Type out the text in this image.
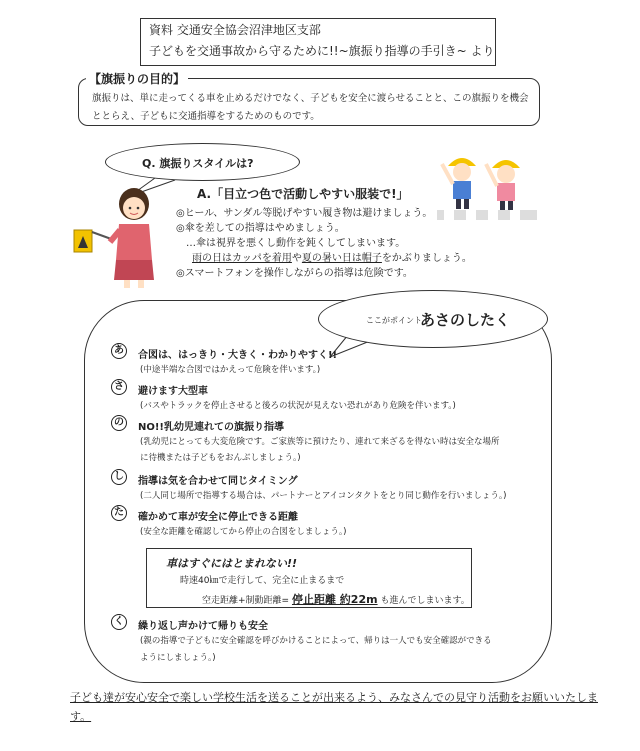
資料 交通安全協会沼津地区支部
子どもを交通事故から守るために!!~旗振り指導の手引き~ より
【旗振りの目的】
旗振りは、単に走ってくる車を止めるだけでなく、子どもを安全に渡らせることと、この旗振りを機会ととらえ、子どもに交通指導をするためのものです。
Q. 旗振りスタイルは?
A.「目立つ色で活動しやすい服装で!」
◎ヒール、サンダル等脱げやすい履き物は避けましょう。
◎傘を差しての指導はやめましょう。
…傘は視界を悪くし動作を鈍くしてしまいます。
雨の日はカッパを着用や夏の暑い日は帽子をかぶりましょう。
◎スマートフォンを操作しながらの指導は危険です。
ここがポイント
あさのしたく
あ	合図は、はっきり・大きく・わかりやすく!!
(中途半端な合図ではかえって危険を伴います。)
さ	避けます大型車
(バスやトラックを停止させると後ろの状況が見えない恐れがあり危険を伴います。)
の	NO!!乳幼児連れての旗振り指導
(乳幼児にとっても大変危険です。ご家族等に預けたり、連れて来ざるを得ない時は安全な場所
に待機または子どもをおんぶしましょう。)
し	指導は気を合わせて同じタイミング
(二人同じ場所で指導する場合は、パートナーとアイコンタクトをとり同じ動作を行いましょう。)
た	確かめて車が安全に停止できる距離
(安全な距離を確認してから停止の合図をしましょう。)
車はすぐにはとまれない!!
時速40㎞で走行して、完全に止まるまで
空走距離+制動距離= 停止距離 約22m も進んでしまいます。
く	繰り返し声かけて帰りも安全
(親の指導で子どもに安全確認を呼びかけることによって、帰りは一人でも安全確認ができる
ようにしましょう。)
子ども達が安心安全で楽しい学校生活を送ることが出来るよう、みなさんでの見守り活動をお願いいたします。
